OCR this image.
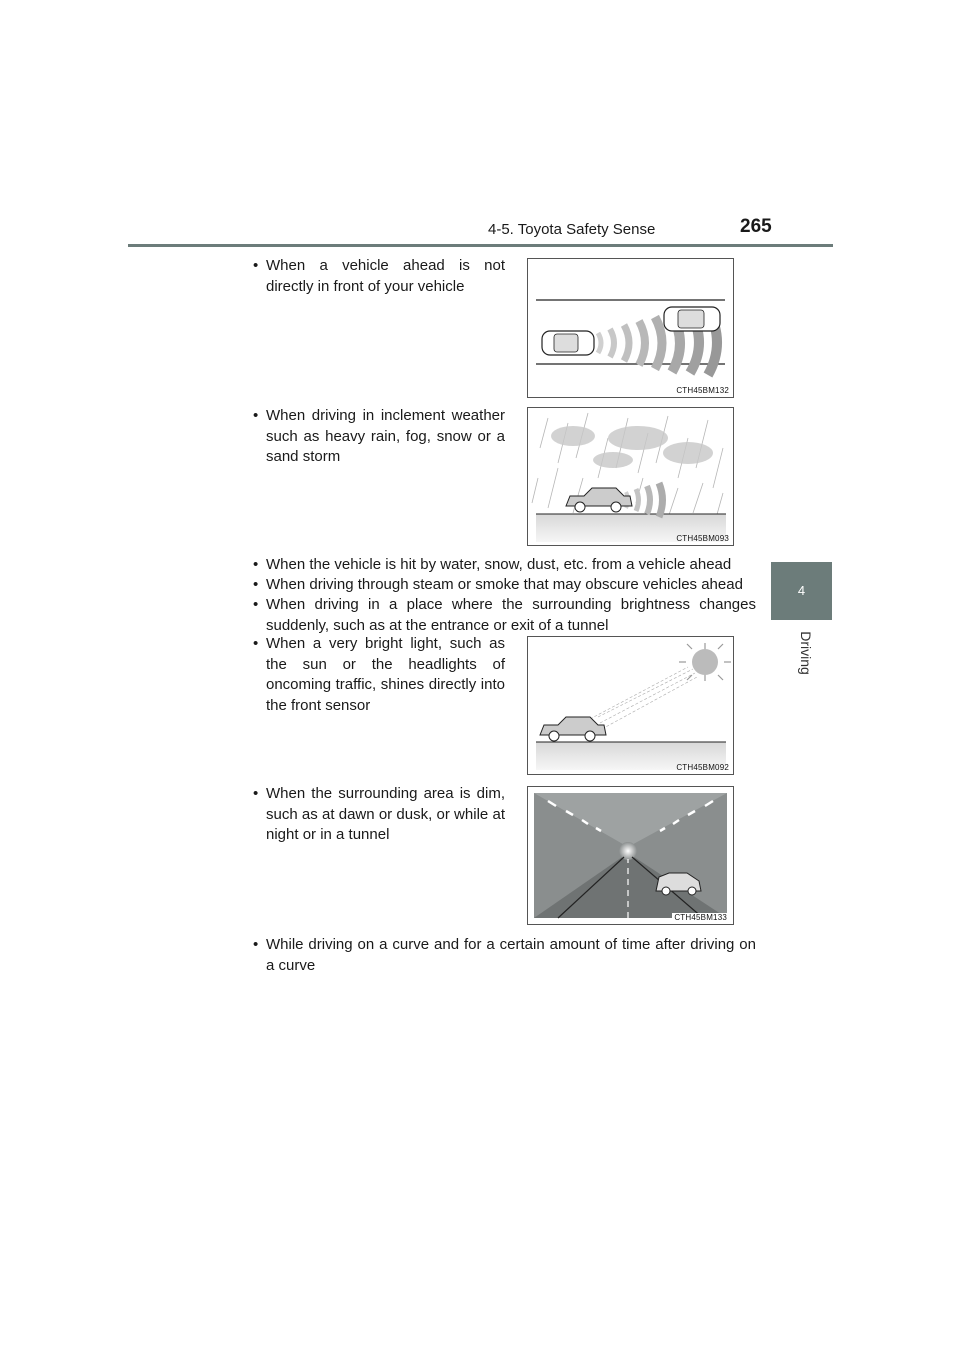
4-5. Toyota Safety Sense	265
4
Driving
• When a vehicle ahead is not directly in front of your vehicle
CTH45BM132
• When driving in inclement weather such as heavy rain, fog, snow or a sand storm
CTH45BM093
• When the vehicle is hit by water, snow, dust, etc. from a vehicle ahead
• When driving through steam or smoke that may obscure vehicles ahead
• When driving in a place where the surrounding brightness changes suddenly, such as at the entrance or exit of a tunnel
• When a very bright light, such as the sun or the headlights of oncoming traffic, shines directly into the front sensor
CTH45BM092
• When the surrounding area is dim, such as at dawn or dusk, or while at night or in a tunnel
CTH45BM133
• While driving on a curve and for a certain amount of time after driving on a curve
